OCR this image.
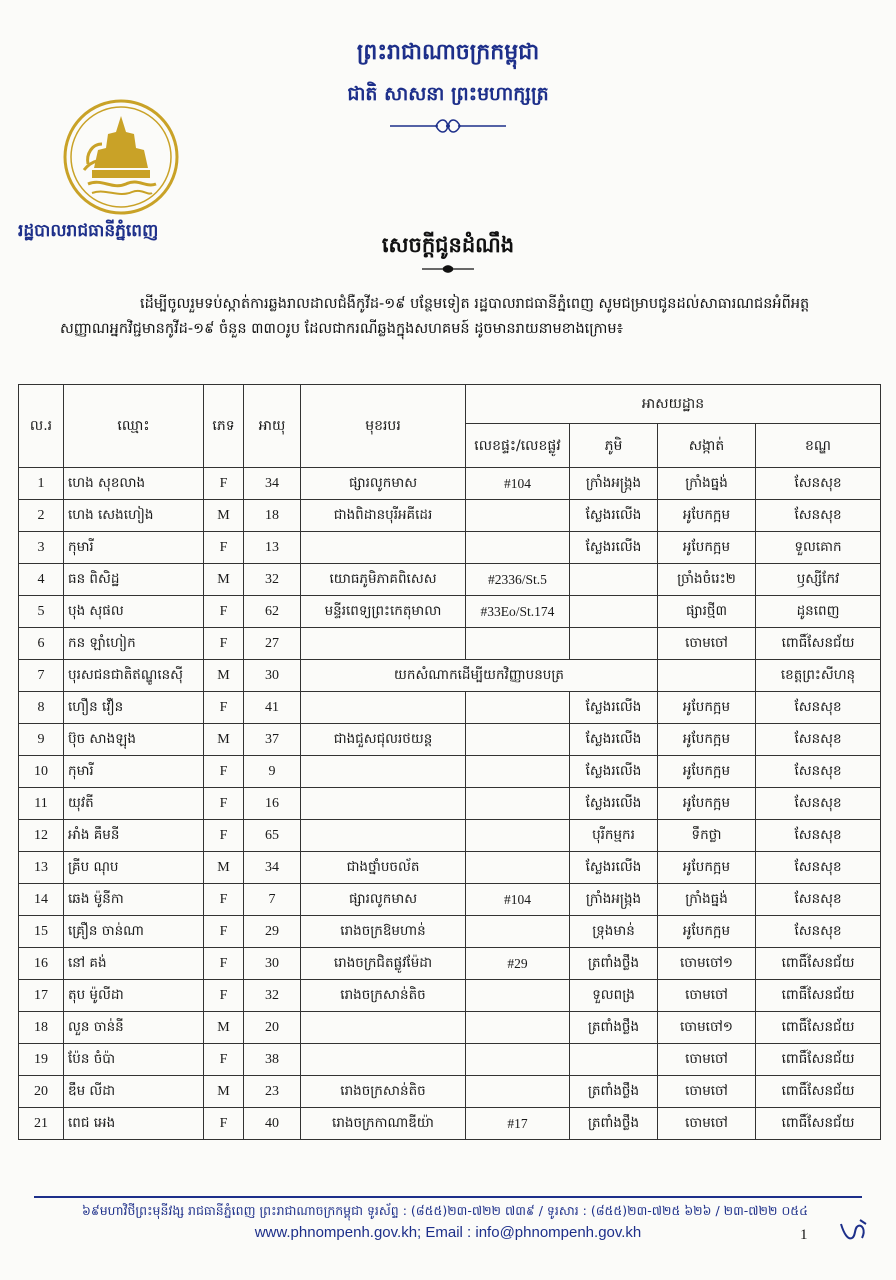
ព្រះរាជាណាចក្រកម្ពុជា
ជាតិ សាសនា ព្រះមហាក្សត្រ
រដ្ឋបាលរាជធានីភ្នំពេញ
សេចក្តីជូនដំណឹង
ដើម្បីចូលរួមទប់ស្កាត់ការឆ្លងរាលដាលជំងឺកូវីដ-១៩ បន្ថែមទៀត រដ្ឋបាលរាជធានីភ្នំពេញ សូមជម្រាបជូនដល់សាធារណជនអំពីអត្តសញ្ញាណអ្នកវិជ្ជមានកូវីដ-១៩ ចំនួន ៣៣០រូប ដែលជាករណីឆ្លងក្នុងសហគមន៍ ដូចមានរាយនាមខាងក្រោម៖
ល.រ	ឈ្មោះ	ភេទ	អាយុ	មុខរបរ	អាសយដ្ឋាន			
					លេខផ្ទះ/លេខផ្លូវ	ភូមិ	សង្កាត់	ខណ្ឌ
1	ហេង សុខលាង	F	34	ផ្សារលូកមាស	#104	ក្រាំងអង្រ្កង	ក្រាំងធ្នង់	សែនសុខ
2	ហេង សេងហៀង	M	18	ជាងពិដានបុរីអគីដេរ		ស្លែងរលើង	អូបែកក្អម	សែនសុខ
3	កុមារី	F	13			ស្លែងរលើង	អូបែកក្អម	ទួលគោក
4	ធន ពិសិដ្ឋ	M	32	យោធភូមិភាគពិសេស	#2336/St.5		ច្រាំងចំរេះ២	ឫស្សីកែវ
5	បុង សុផល	F	62	មន្ទីរពេទ្យព្រះកេតុមាលា	#33Eo/St.174		ផ្សារថ្មី៣	ដូនពេញ
6	កន ឡាំហៀក	F	27				ចោមចៅ	ពោធិ៍សែនជ័យ
7	បុរសជនជាតិឥណ្ឌូនេស៊ី	M	30	យកសំណាកដើម្បីយកវិញ្ញាបនបត្រ				ខេត្តព្រះសីហនុ
8	ហឿន វឿន	F	41			ស្លែងរលើង	អូបែកក្អម	សែនសុខ
9	ប៊ុច សាងឡុង	M	37	ជាងជួសជុលរថយន្ត		ស្លែងរលើង	អូបែកក្អម	សែនសុខ
10	កុមារី	F	9			ស្លែងរលើង	អូបែកក្អម	សែនសុខ
11	យុវតី	F	16			ស្លែងរលើង	អូបែកក្អម	សែនសុខ
12	អាំង គឹមនី	F	65			បុរីកម្មករ	ទឹកថ្លា	សែនសុខ
13	គ្រីប ណុប	M	34	ជាងថ្នាំបចល័ត		ស្លែងរលើង	អូបែកក្អម	សែនសុខ
14	ឆេង ម៉ូនីកា	F	7	ផ្សារលូកមាស	#104	ក្រាំងអង្រ្កង	ក្រាំងធ្នង់	សែនសុខ
15	គ្រឿន ចាន់ណា	F	29	រោងចក្រឱមហាន់		ទ្រុងមាន់	អូបែកក្អម	សែនសុខ
16	នៅ គង់	F	30	រោងចក្រជិតផ្លូវម៉ែដា	#29	ត្រពាំងថ្លឹង	ចោមចៅ១	ពោធិ៍សែនជ័យ
17	តុប ម៉ូលីដា	F	32	រោងចក្រសាន់តិច		ទួលពង្រ	ចោមចៅ	ពោធិ៍សែនជ័យ
18	លួន ចាន់នី	M	20			ត្រពាំងថ្លឹង	ចោមចៅ១	ពោធិ៍សែនជ័យ
19	ប៉ែន ចំប៉ា	F	38				ចោមចៅ	ពោធិ៍សែនជ័យ
20	ឌឹម លីដា	M	23	រោងចក្រសាន់តិច		ត្រពាំងថ្លឹង	ចោមចៅ	ពោធិ៍សែនជ័យ
21	ពេជ អេង	F	40	រោងចក្រកាណាឌីយ៉ា	#17	ត្រពាំងថ្លឹង	ចោមចៅ	ពោធិ៍សែនជ័យ
៦៩មហាវិថីព្រះមុនីវង្ស រាជធានីភ្នំពេញ ព្រះរាជាណាចក្រកម្ពុជា ទូរស័ព្ទ : (៨៥៥)២៣-៧២២ ៧៣៩ / ទូរសារ : (៨៥៥)២៣-៧២៥ ៦២៦ / ២៣-៧២២ ០៥៤
www.phnompenh.gov.kh; Email : info@phnompenh.gov.kh	1
